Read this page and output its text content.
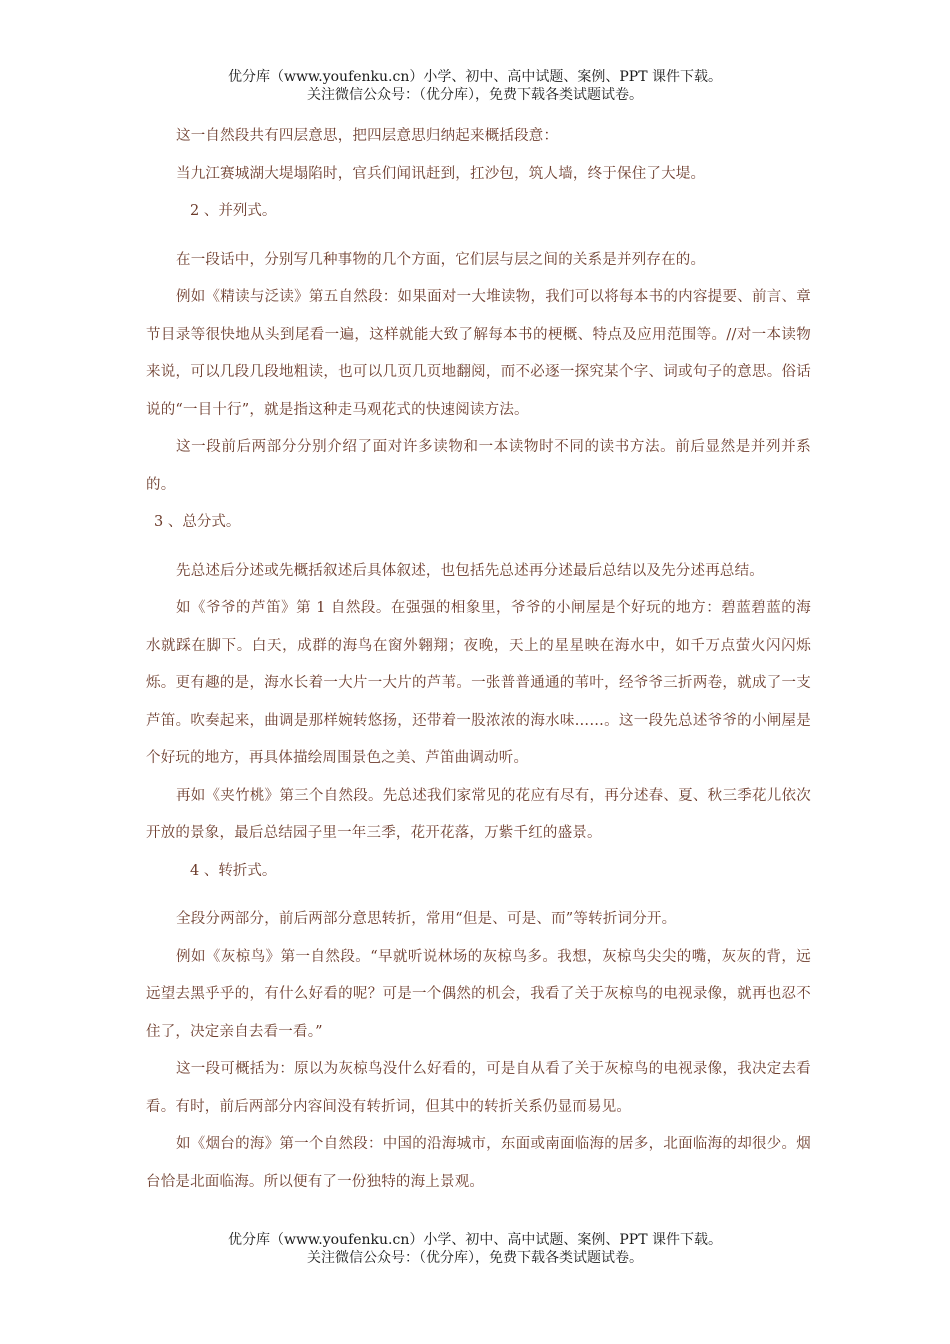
优分库（www.youfenku.cn）小学、初中、高中试题、案例、PPT 课件下载。
关注微信公众号：（优分库），免费下载各类试题试卷。

这一自然段共有四层意思，把四层意思归纳起来概括段意：

当九江赛城湖大堤塌陷时，官兵们闻讯赶到，扛沙包，筑人墙，终于保住了大堤。

2 、并列式。

在一段话中，分别写几种事物的几个方面，它们层与层之间的关系是并列存在的。

例如《精读与泛读》第五自然段：如果面对一大堆读物，我们可以将每本书的内容提要、前言、章节目录等很快地从头到尾看一遍，这样就能大致了解每本书的梗概、特点及应用范围等。//对一本读物来说，可以几段几段地粗读，也可以几页几页地翻阅，而不必逐一探究某个字、词或句子的意思。俗话说的“一目十行”，就是指这种走马观花式的快速阅读方法。

这一段前后两部分分别介绍了面对许多读物和一本读物时不同的读书方法。前后显然是并列并系的。

3 、总分式。

先总述后分述或先概括叙述后具体叙述，也包括先总述再分述最后总结以及先分述再总结。

如《爷爷的芦笛》第 1 自然段。在强强的相象里，爷爷的小闸屋是个好玩的地方：碧蓝碧蓝的海水就踩在脚下。白天，成群的海鸟在窗外翱翔；夜晚，天上的星星映在海水中，如千万点萤火闪闪烁烁。更有趣的是，海水长着一大片一大片的芦苇。一张普普通通的苇叶，经爷爷三折两卷，就成了一支芦笛。吹奏起来，曲调是那样婉转悠扬，还带着一股浓浓的海水味……。这一段先总述爷爷的小闸屋是个好玩的地方，再具体描绘周围景色之美、芦笛曲调动听。

再如《夹竹桃》第三个自然段。先总述我们家常见的花应有尽有，再分述春、夏、秋三季花儿依次开放的景象，最后总结园子里一年三季，花开花落，万紫千红的盛景。

4 、转折式。

全段分两部分，前后两部分意思转折，常用“但是、可是、而”等转折词分开。

例如《灰椋鸟》第一自然段。“早就听说林场的灰椋鸟多。我想，灰椋鸟尖尖的嘴，灰灰的背，远远望去黑乎乎的，有什么好看的呢？可是一个偶然的机会，我看了关于灰椋鸟的电视录像，就再也忍不住了，决定亲自去看一看。”

这一段可概括为：原以为灰椋鸟没什么好看的，可是自从看了关于灰椋鸟的电视录像，我决定去看看。有时，前后两部分内容间没有转折词，但其中的转折关系仍显而易见。

如《烟台的海》第一个自然段：中国的沿海城市，东面或南面临海的居多，北面临海的却很少。烟台恰是北面临海。所以便有了一份独特的海上景观。

优分库（www.youfenku.cn）小学、初中、高中试题、案例、PPT 课件下载。
关注微信公众号：（优分库），免费下载各类试题试卷。
